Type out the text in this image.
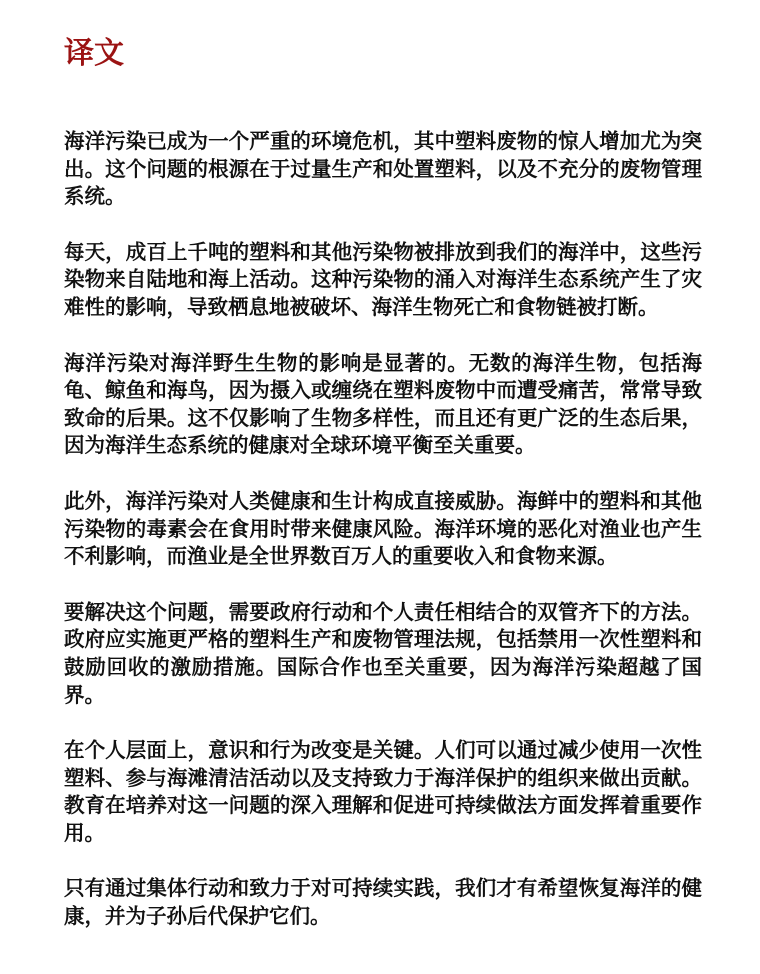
译文

海洋污染已成为一个严重的环境危机，其中塑料废物的惊人增加尤为突出。这个问题的根源在于过量生产和处置塑料，以及不充分的废物管理系统。

每天，成百上千吨的塑料和其他污染物被排放到我们的海洋中，这些污染物来自陆地和海上活动。这种污染物的涌入对海洋生态系统产生了灾难性的影响，导致栖息地被破坏、海洋生物死亡和食物链被打断。

海洋污染对海洋野生生物的影响是显著的。无数的海洋生物，包括海龟、鲸鱼和海鸟，因为摄入或缠绕在塑料废物中而遭受痛苦，常常导致致命的后果。这不仅影响了生物多样性，而且还有更广泛的生态后果，因为海洋生态系统的健康对全球环境平衡至关重要。

此外，海洋污染对人类健康和生计构成直接威胁。海鲜中的塑料和其他污染物的毒素会在食用时带来健康风险。海洋环境的恶化对渔业也产生不利影响，而渔业是全世界数百万人的重要收入和食物来源。

要解决这个问题，需要政府行动和个人责任相结合的双管齐下的方法。政府应实施更严格的塑料生产和废物管理法规，包括禁用一次性塑料和鼓励回收的激励措施。国际合作也至关重要，因为海洋污染超越了国界。

在个人层面上，意识和行为改变是关键。人们可以通过减少使用一次性塑料、参与海滩清洁活动以及支持致力于海洋保护的组织来做出贡献。教育在培养对这一问题的深入理解和促进可持续做法方面发挥着重要作用。

只有通过集体行动和致力于对可持续实践，我们才有希望恢复海洋的健康，并为子孙后代保护它们。
